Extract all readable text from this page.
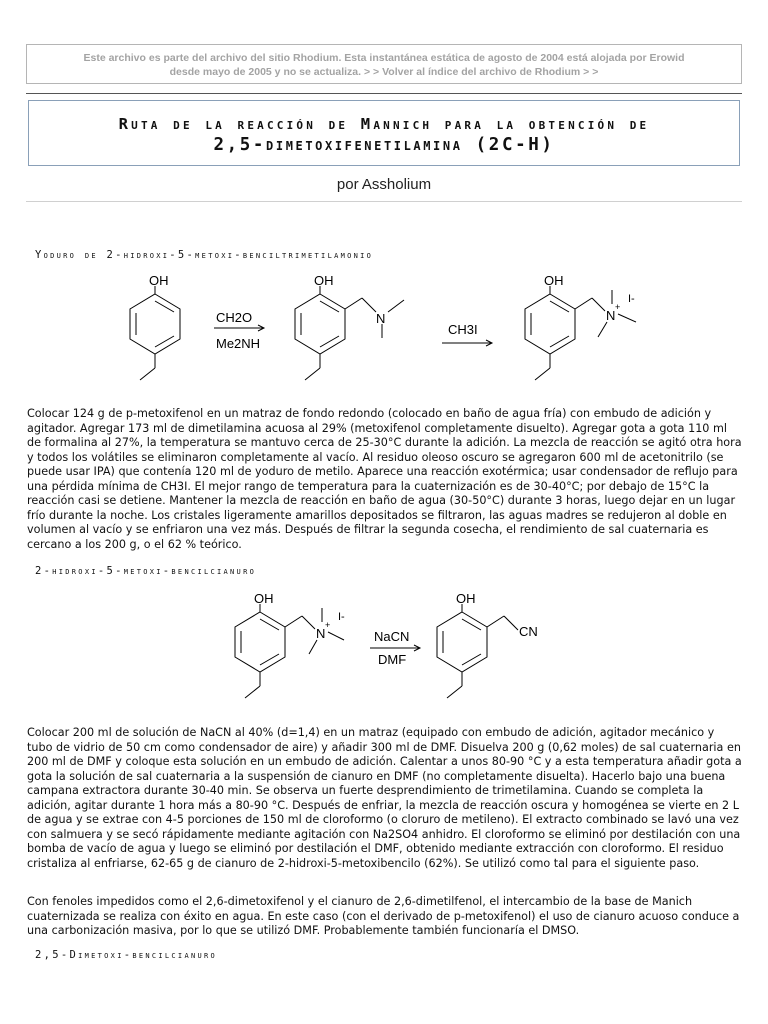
Este archivo es parte del archivo del sitio Rhodium. Esta instantánea estática de agosto de 2004 está alojada por Erowid
desde mayo de 2005 y no se actualiza. > > Volver al índice del archivo de Rhodium > >
Ruta de la reacción de Mannich para la obtención de
2,5-dimetoxifenetilamina (2C-H)
por Assholium
Yoduro de 2-hidroxi-5-metoxi-benciltrimetilamonio
OH	OH	OH
CH2O
Me2NH
CH3I
N	N
+
I-

Colocar 124 g de p-metoxifenol en un matraz de fondo redondo (colocado en baño de agua fría) con embudo de adición y agitador. Agregar 173 ml de dimetilamina acuosa al 29% (metoxifenol completamente disuelto). Agregar gota a gota 110 ml de formalina al 27%, la temperatura se mantuvo cerca de 25-30°C durante la adición. La mezcla de reacción se agitó otra hora y todos los volátiles se eliminaron completamente al vacío. Al residuo oleoso oscuro se agregaron 600 ml de acetonitrilo (se puede usar IPA) que contenía 120 ml de yoduro de metilo. Aparece una reacción exotérmica; usar condensador de reflujo para una pérdida mínima de CH3I. El mejor rango de temperatura para la cuaternización es de 30-40°C; por debajo de 15°C la reacción casi se detiene. Mantener la mezcla de reacción en baño de agua (30-50°C) durante 3 horas, luego dejar en un lugar frío durante la noche. Los cristales ligeramente amarillos depositados se filtraron, las aguas madres se redujeron al doble en volumen al vacío y se enfriaron una vez más. Después de filtrar la segunda cosecha, el rendimiento de sal cuaternaria es cercano a los 200 g, o el 62 % teórico.

2-hidroxi-5-metoxi-bencilcianuro
OH	OH
N
+
I-
NaCN
DMF
CN

Colocar 200 ml de solución de NaCN al 40% (d=1,4) en un matraz (equipado con embudo de adición, agitador mecánico y tubo de vidrio de 50 cm como condensador de aire) y añadir 300 ml de DMF. Disuelva 200 g (0,62 moles) de sal cuaternaria en 200 ml de DMF y coloque esta solución en un embudo de adición. Calentar a unos 80-90 °C y a esta temperatura añadir gota a gota la solución de sal cuaternaria a la suspensión de cianuro en DMF (no completamente disuelta). Hacerlo bajo una buena campana extractora durante 30-40 min. Se observa un fuerte desprendimiento de trimetilamina. Cuando se completa la adición, agitar durante 1 hora más a 80-90 °C. Después de enfriar, la mezcla de reacción oscura y homogénea se vierte en 2 L de agua y se extrae con 4-5 porciones de 150 ml de cloroformo (o cloruro de metileno). El extracto combinado se lavó una vez con salmuera y se secó rápidamente mediante agitación con Na2SO4 anhidro. El cloroformo se eliminó por destilación con una bomba de vacío de agua y luego se eliminó por destilación el DMF, obtenido mediante extracción con cloroformo. El residuo cristaliza al enfriarse, 62-65 g de cianuro de 2-hidroxi-5-metoxibencilo (62%). Se utilizó como tal para el siguiente paso.

Con fenoles impedidos como el 2,6-dimetoxifenol y el cianuro de 2,6-dimetilfenol, el intercambio de la base de Manich cuaternizada se realiza con éxito en agua. En este caso (con el derivado de p-metoxifenol) el uso de cianuro acuoso conduce a una carbonización masiva, por lo que se utilizó DMF. Probablemente también funcionaría el DMSO.

2,5-Dimetoxi-bencilcianuro
